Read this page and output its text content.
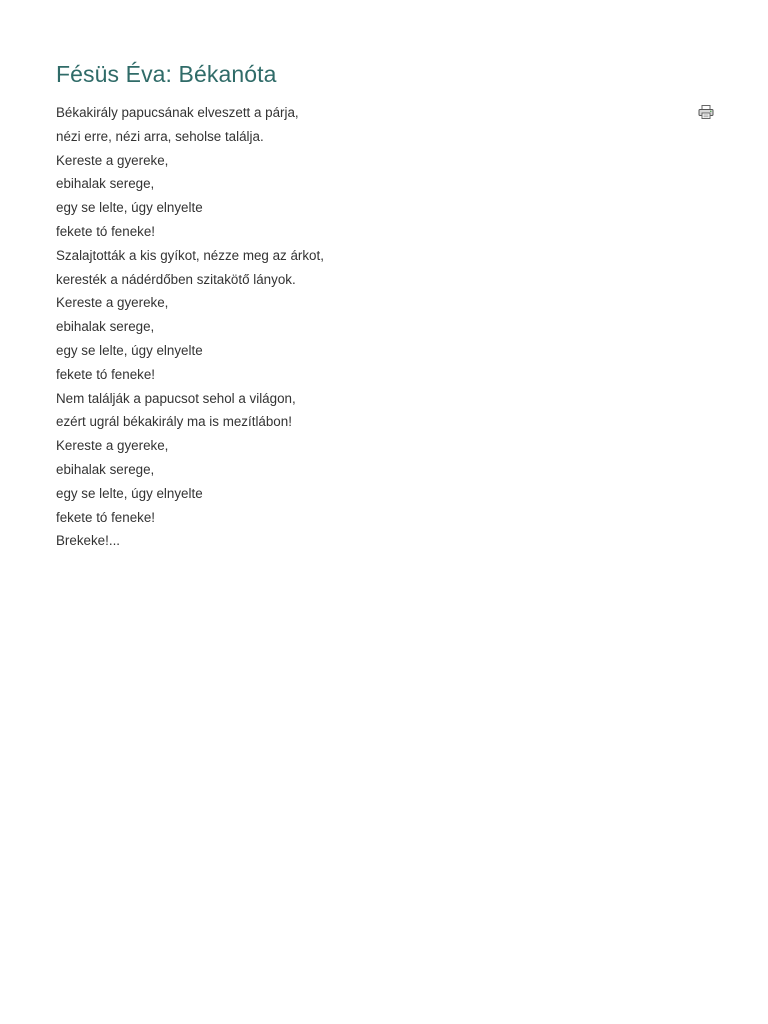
Fésüs Éva: Békanóta
Békakirály papucsának elveszett a párja,
nézi erre, nézi arra, seholse találja.
Kereste a gyereke,
ebihalak serege,
egy se lelte, úgy elnyelte
fekete tó feneke!
Szalajtották a kis gyíkot, nézze meg az árkot,
keresték a nádérdőben szitakötő lányok.
Kereste a gyereke,
ebihalak serege,
egy se lelte, úgy elnyelte
fekete tó feneke!
Nem találják a papucsot sehol a világon,
ezért ugrál békakirály ma is mezítlábon!
Kereste a gyereke,
ebihalak serege,
egy se lelte, úgy elnyelte
fekete tó feneke!
Brekeke!...
